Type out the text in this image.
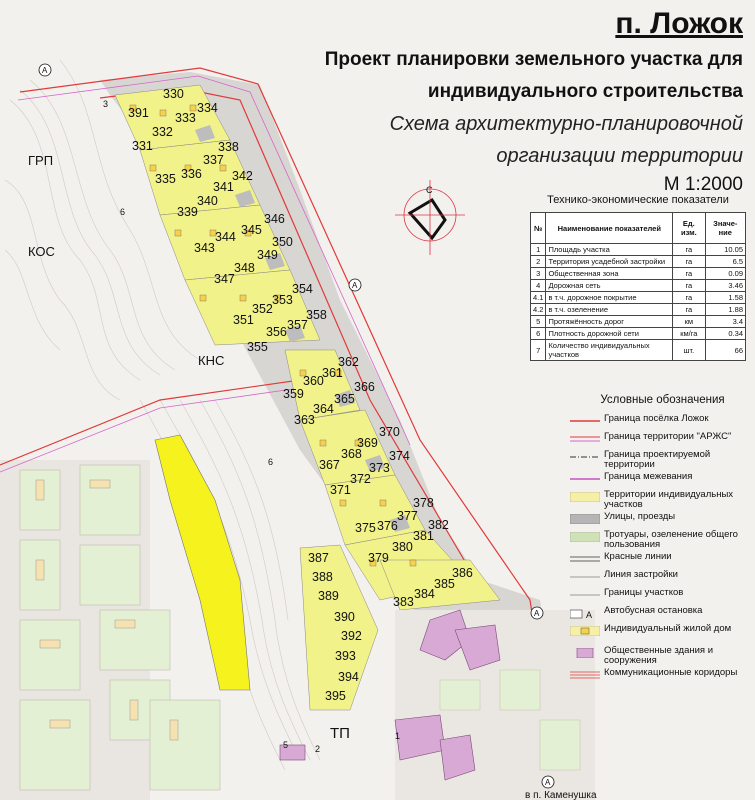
С
ГРП
КОС
КНС
ТП
в п. Каменушка
6
6
3
5	2
1
А
А
А
А
330
391	334
333
332
331	338
337
336
335	342
341
340
339	346
345
344
343	350
349
348
347
354
353
352
351	358
357
356
355
362
361
360
359	366
365
364
363
370
369
368
367
374
373
372
371
378
377
376
375	382
381
380
379
386
385
384
383
387
388
389
390
392
393
394
395
п. Ложок
Проект планировки земельного участка для
индивидуального строительства
Схема архитектурно-планировочной
организации территории
М 1:2000
Технико-экономические показатели
№	Наименование показателей	Ед. изм.	Значе-ние
1	Площадь участка	га	10.05
2	Территория усадебной застройки	га	6.5
3	Общественная зона	га	0.09
4	Дорожная сеть	га	3.46
4.1	в т.ч. дорожное покрытие	га	1.58
4.2	в т.ч. озеленение	га	1.88
5	Протяжённость дорог	км	3.4
6	Плотность дорожной сети	км/га	0.34
7	Количество индивидуальных участков	шт.	66
Условные обозначения
Граница посёлка Ложок
Граница территории "АРЖС"
Граница проектируемой территории
Граница межевания
Территории индивидуальных участков
Улицы, проезды
Тротуары, озеленение общего пользования
Красные линии
Линия застройки
Границы участков
A Автобусная остановка
Индивидуальный жилой дом
Общественные здания и сооружения
Коммуникационные коридоры
